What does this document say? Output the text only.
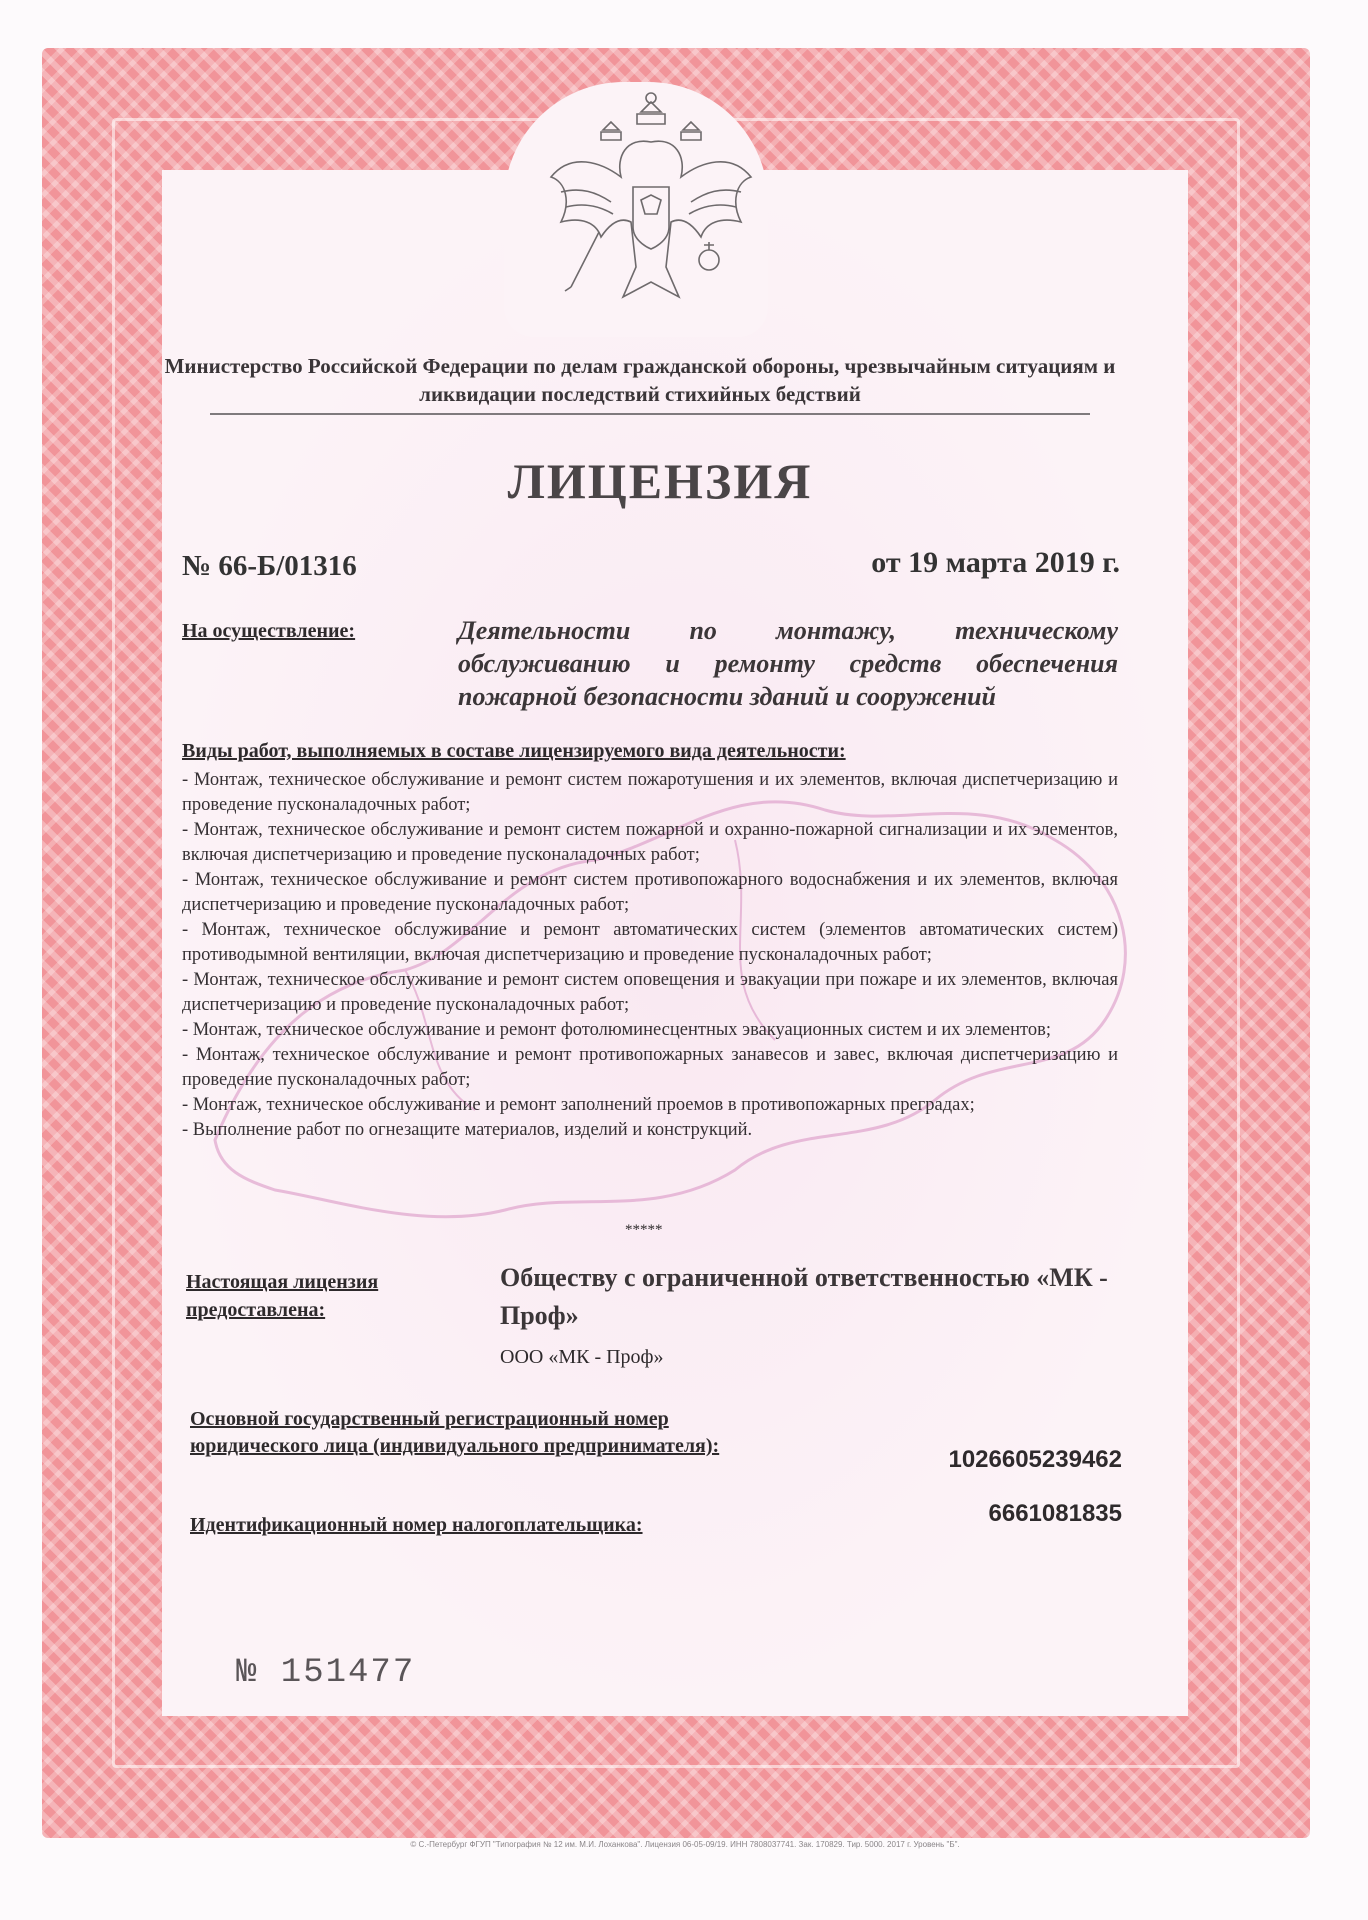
Министерство Российской Федерации по делам гражданской обороны, чрезвычайным ситуациям и ликвидации последствий стихийных бедствий
ЛИЦЕНЗИЯ
№ 66-Б/01316	от 19 марта 2019 г.
На осуществление:	Деятельности по монтажу, техническому обслуживанию и ремонту средств обеспечения пожарной безопасности зданий и сооружений
Виды работ, выполняемых в составе лицензируемого вида деятельности:
- Монтаж, техническое обслуживание и ремонт систем пожаротушения и их элементов, включая диспетчеризацию и проведение пусконаладочных работ;
- Монтаж, техническое обслуживание и ремонт систем пожарной и охранно-пожарной сигнализации и их элементов, включая диспетчеризацию и проведение пусконаладочных работ;
- Монтаж, техническое обслуживание и ремонт систем противопожарного водоснабжения и их элементов, включая диспетчеризацию и проведение пусконаладочных работ;
- Монтаж, техническое обслуживание и ремонт автоматических систем (элементов автоматических систем) противодымной вентиляции, включая диспетчеризацию и проведение пусконаладочных работ;
- Монтаж, техническое обслуживание и ремонт систем оповещения и эвакуации при пожаре и их элементов, включая диспетчеризацию и проведение пусконаладочных работ;
- Монтаж, техническое обслуживание и ремонт фотолюминесцентных эвакуационных систем и их элементов;
- Монтаж, техническое обслуживание и ремонт противопожарных занавесов и завес, включая диспетчеризацию и проведение пусконаладочных работ;
- Монтаж, техническое обслуживание и ремонт заполнений проемов в противопожарных преградах;
- Выполнение работ по огнезащите материалов, изделий и конструкций.
*****
Настоящая лицензия предоставлена:
Обществу с ограниченной ответственностью «МК - Проф»
ООО «МК - Проф»
Основной государственный регистрационный номер юридического лица (индивидуального предпринимателя):	1026605239462
Идентификационный номер налогоплательщика:	6661081835
№ 151477
© С.-Петербург ФГУП "Типография № 12 им. М.И. Лоханкова". Лицензия 06-05-09/19. ИНН 7808037741. Зак. 170829. Тир. 5000. 2017 г. Уровень "Б".
